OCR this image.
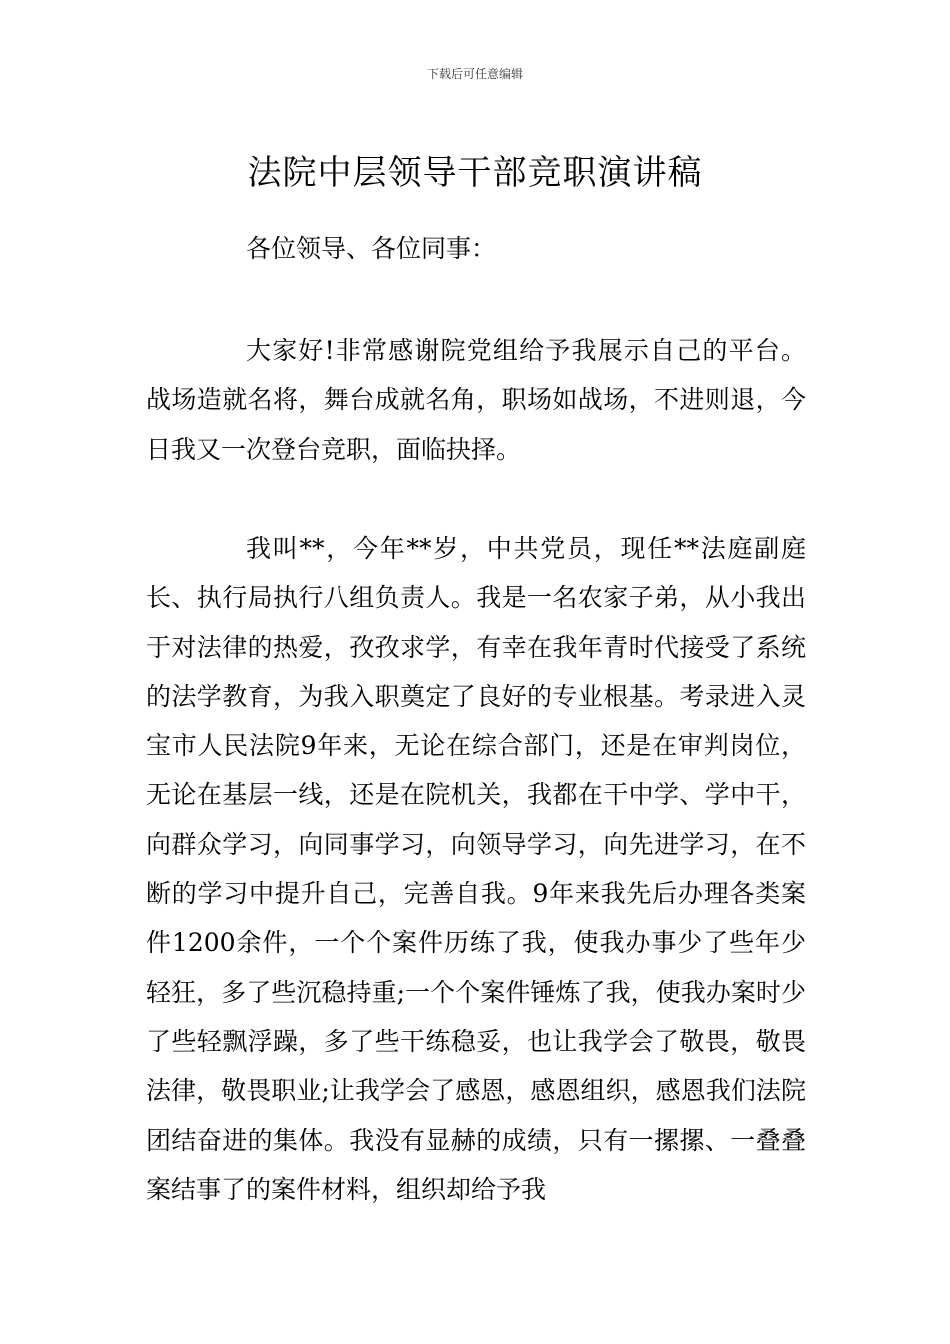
下载后可任意编辑
法院中层领导干部竞职演讲稿

各位领导、各位同事：

大家好!非常感谢院党组给予我展示自己的平台。战场造就名将，舞台成就名角，职场如战场，不进则退，今日我又一次登台竞职，面临抉择。

我叫**，今年**岁，中共党员，现任**法庭副庭长、执行局执行八组负责人。我是一名农家子弟，从小我出于对法律的热爱，孜孜求学，有幸在我年青时代接受了系统的法学教育，为我入职奠定了良好的专业根基。考录进入灵宝市人民法院9年来，无论在综合部门，还是在审判岗位，无论在基层一线，还是在院机关，我都在干中学、学中干，向群众学习，向同事学习，向领导学习，向先进学习，在不断的学习中提升自己，完善自我。9年来我先后办理各类案件1200余件，一个个案件历练了我，使我办事少了些年少轻狂，多了些沉稳持重;一个个案件锤炼了我，使我办案时少了些轻飘浮躁，多了些干练稳妥，也让我学会了敬畏，敬畏法律，敬畏职业;让我学会了感恩，感恩组织，感恩我们法院团结奋进的集体。我没有显赫的成绩，只有一摞摞、一叠叠案结事了的案件材料，组织却给予我
